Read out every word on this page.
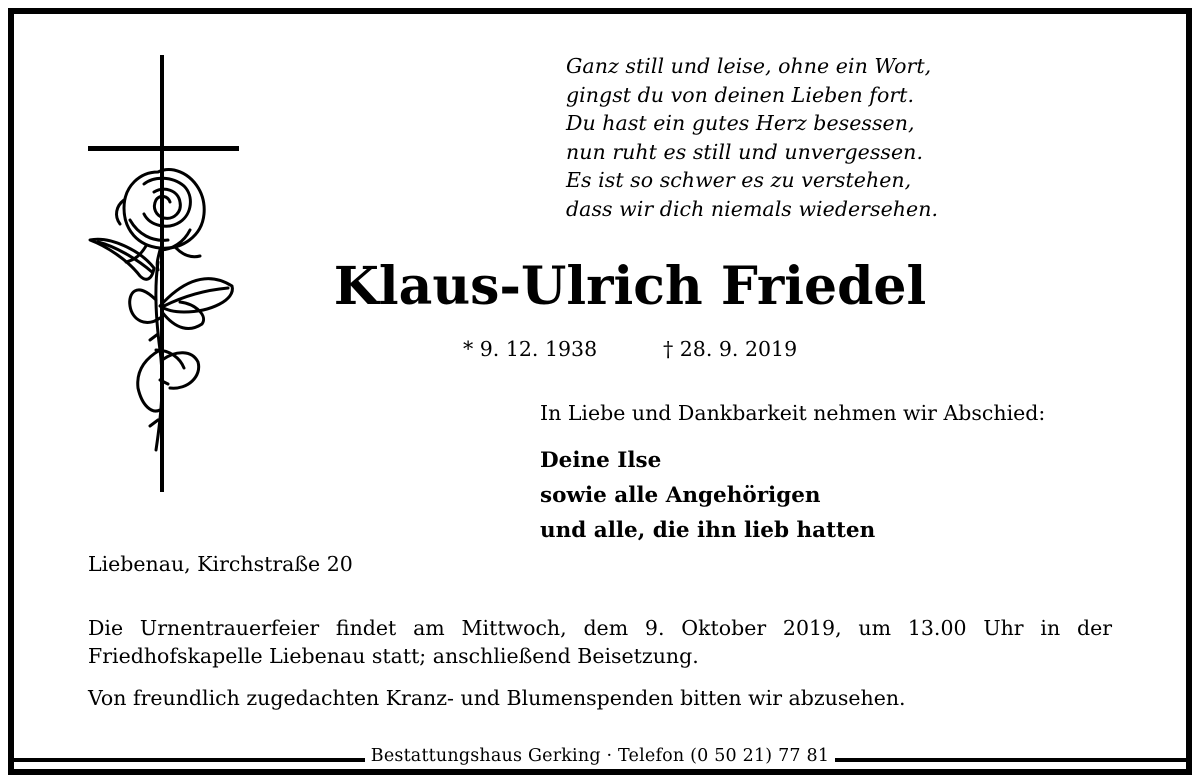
Ganz still und leise, ohne ein Wort,
gingst du von deinen Lieben fort.
Du hast ein gutes Herz besessen,
nun ruht es still und unvergessen.
Es ist so schwer es zu verstehen,
dass wir dich niemals wiedersehen.
Klaus-Ulrich Friedel
* 9. 12. 1938	† 28. 9. 2019
In Liebe und Dankbarkeit nehmen wir Abschied:
Deine Ilse
sowie alle Angehörigen
und alle, die ihn lieb hatten
Liebenau, Kirchstraße 20
Die Urnentrauerfeier findet am Mittwoch, dem 9. Oktober 2019, um 13.00 Uhr in der Friedhofskapelle Liebenau statt; anschließend Beisetzung.
Von freundlich zugedachten Kranz- und Blumenspenden bitten wir abzusehen.
Bestattungshaus Gerking · Telefon (0 50 21) 77 81
